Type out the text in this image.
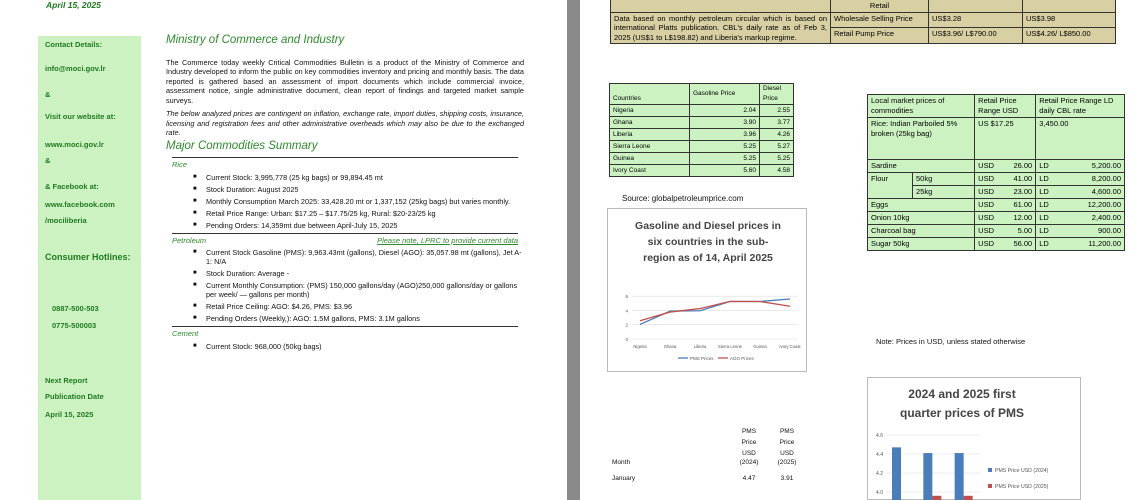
April 15, 2025
Contact Details:
info@moci.gov.lr
&
Visit our website at:
www.moci.gov.lr
&
& Facebook at:
www.facebook.com
/mociliberia
Consumer Hotlines:
0887-500-503
0775-500003
Next Report
Publication Date
April 15, 2025
Ministry of Commerce and Industry

The Commerce today weekly Critical Commodities Bulletin is a product of the Ministry of Commerce and Industry developed to inform the public on key commodities inventory and pricing and monthly basis. The data reported is gathered based an assessment of import documents which include commercial invoice, assessment notice, single administrative document, clean report of findings and targeted market sample surveys.

The below analyzed prices are contingent on inflation, exchange rate, import duties, shipping costs, insurance, licensing and registration fees and other administrative overheads which may also be due to the exchanged rate.

Major Commodities Summary
Rice
■ Current Stock: 3,995,778 (25 kg bags) or 99,894.45 mt
■ Stock Duration: August 2025
■ Monthly Consumption March 2025: 33,428.20 mt or 1,337,152 (25kg bags) but varies monthly.
■ Retail Price Range: Urban: $17.25 – $17.75/25 kg, Rural: $20-23/25 kg
■ Pending Orders: 14,359mt due between April-July 15, 2025
Petroleum	Please note, LPRC to provide current data
■ Current Stock Gasoline (PMS): 9,963.43mt (gallons), Diesel (AGO): 35,057.98 mt (gallons), Jet A-1: N/A
■ Stock Duration: Average -
■ Current Monthly Consumption: (PMS) 150,000 gallons/day (AGO)250,000 gallons/day or gallons per week/ — gallons per month)
■ Retail Price Ceiling: AGO: $4.26, PMS: $3.96
■ Pending Orders (Weekly,): AGO: 1.5M gallons, PMS: 3.1M gallons
Cement
■ Current Stock: 968,000 (50kg bags)
	Retail		
Data based on monthly petroleum circular which is based on international Platts publication. CBL's daily rate as of Feb 3, 2025 (US$1 to L$198.82) and Liberia's markup regime.	Wholesale Selling Price	US$3.28	US$3.98
	Retail Pump Price	US$3.96/ L$790.00	US$4.26/ L$850.00
Countries	Gasoline Price	Diesel Price
Nigeria	2.04	2.55
Ghana	3.90	3.77
Liberia	3.96	4.26
Sierra Leone	5.25	5.27
Guinea	5.25	5.25
Ivory Coast	5.60	4.58
Source: globalpetroleumprice.com
Gasoline and Diesel prices in
six countries in the sub-
region as of 14, April 2025
0
2
4
6
Nigeria	Ghana	Liberia	Sierra Leone	Guinea	Ivory Coast
PMS Prices	AGO Prices
Local market prices of commodities		Retail Price Range USD		Retail Price Range LD daily CBL rate	
Rice: Indian Parboiled 5% broken (25kg bag)		US $17.25		3,450.00	
Sardine		USD	26.00	LD	5,200.00
Flour	50kg	USD	41.00	LD	8,200.00
	25kg	USD	23.00	LD	4,600.00
Eggs		USD	61.00	LD	12,200.00
Onion 10kg		USD	12.00	LD	2,400.00
Charcoal bag		USD	5.00	LD	900.00
Sugar 50kg		USD	56.00	LD	11,200.00
Note: Prices in USD, unless stated otherwise
PMS	PMS
Price	Price
USD	USD
Month	(2024)	(2025)
January	4.47	3.91
2024 and 2025 first
quarter prices of PMS
4.0
4.2
4.4
4.6
PMS Price USD (2024)
PMS Price USD (2025)
